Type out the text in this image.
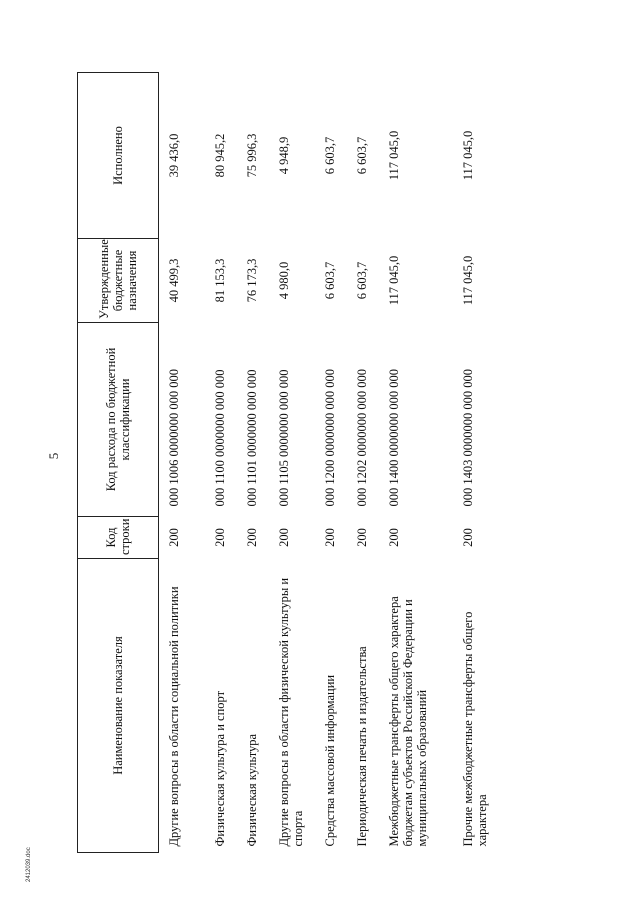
5
Наименование показателя	Код строки	Код расхода по бюджетной классификации	Утвержденные бюджетные назначения	Исполнено
Другие вопросы в области социальной политики	200	000 1006 0000000 000 000	40 499,3	39 436,0
Физическая культура и спорт	200	000 1100 0000000 000 000	81 153,3	80 945,2
Физическая культура	200	000 1101 0000000 000 000	76 173,3	75 996,3
Другие вопросы в области физической культуры и спорта	200	000 1105 0000000 000 000	4 980,0	4 948,9
Средства массовой информации	200	000 1200 0000000 000 000	6 603,7	6 603,7
Периодическая печать и издательства	200	000 1202 0000000 000 000	6 603,7	6 603,7
Межбюджетные трансферты общего характера бюджетам субъектов Российской Федерации и муниципальных образований	200	000 1400 0000000 000 000	117 045,0	117 045,0
Прочие межбюджетные трансферты общего характера	200	000 1403 0000000 000 000	117 045,0	117 045,0
2412039.doc
